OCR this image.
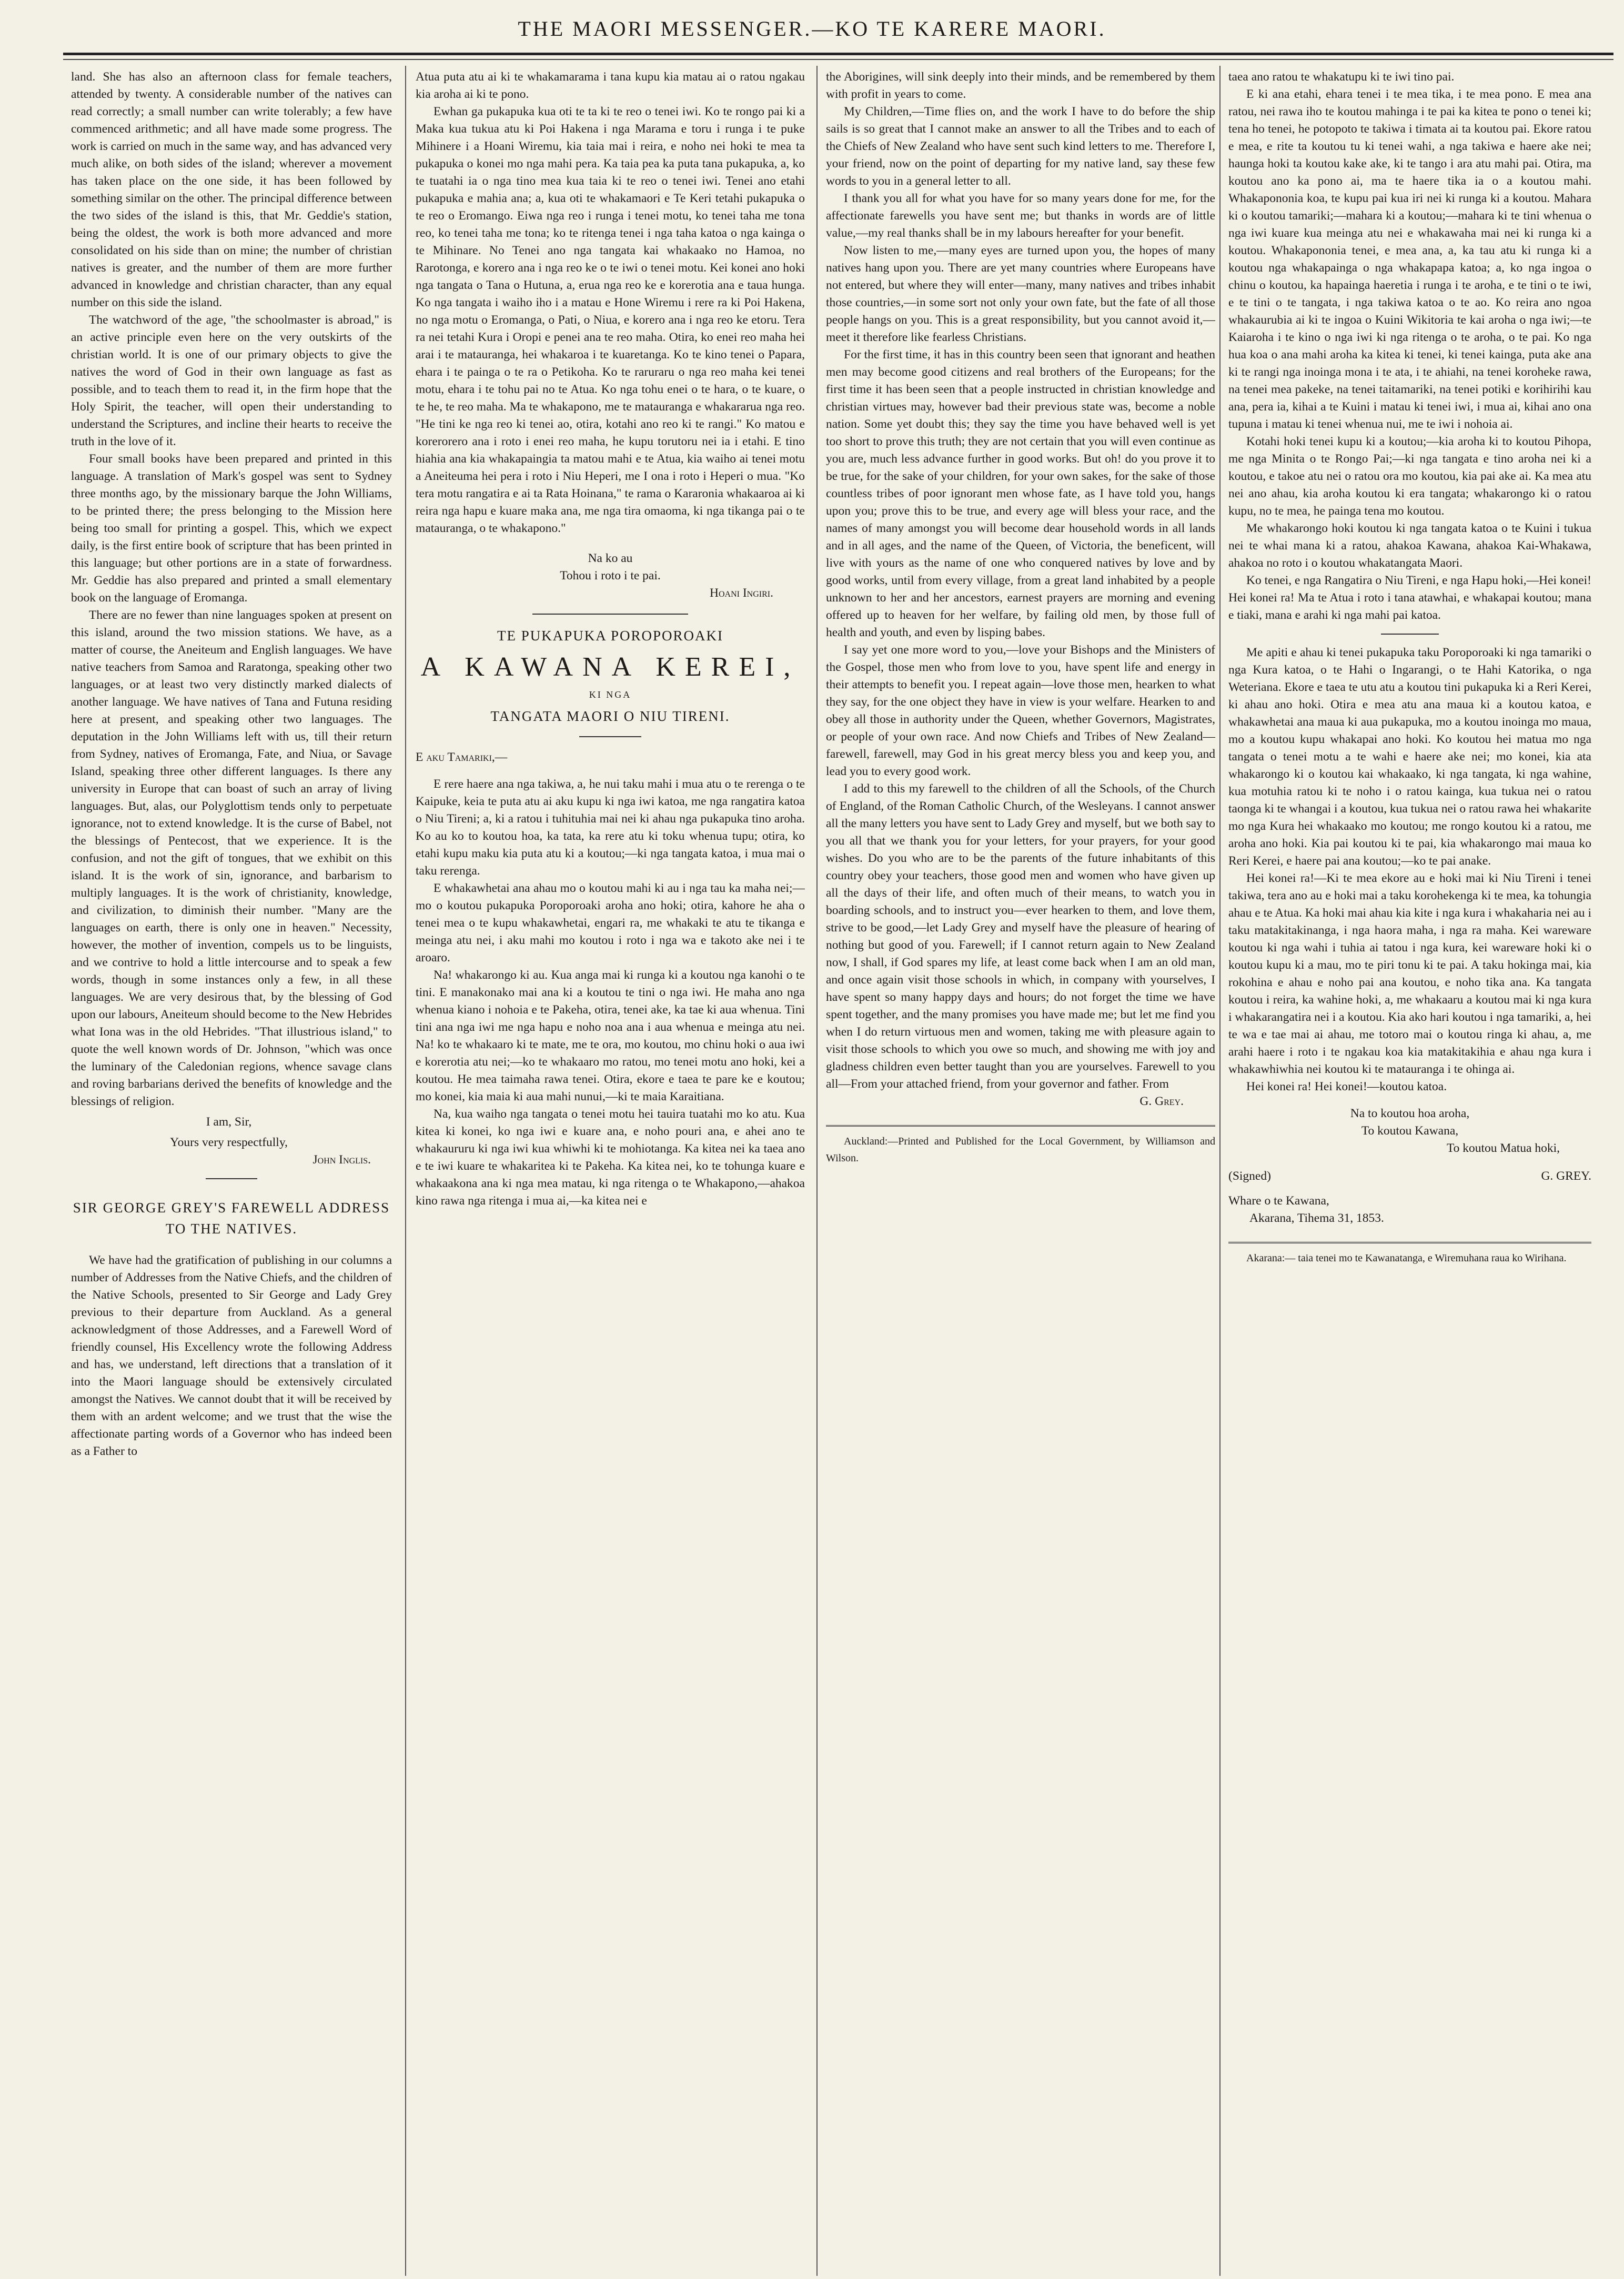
THE MAORI MESSENGER.—KO TE KARERE MAORI.

land. She has also an afternoon class for female teachers, attended by twenty. A considerable number of the natives can read correctly; a small number can write tolerably; a few have commenced arithmetic; and all have made some progress. The work is carried on much in the same way, and has advanced very much alike, on both sides of the island; wherever a movement has taken place on the one side, it has been followed by something similar on the other. The principal difference between the two sides of the island is this, that Mr. Geddie's station, being the oldest, the work is both more advanced and more consolidated on his side than on mine; the number of christian natives is greater, and the number of them are more further advanced in knowledge and christian character, than any equal number on this side the island.

The watchword of the age, "the schoolmaster is abroad," is an active principle even here on the very outskirts of the christian world. It is one of our primary objects to give the natives the word of God in their own language as fast as possible, and to teach them to read it, in the firm hope that the Holy Spirit, the teacher, will open their understanding to understand the Scriptures, and incline their hearts to receive the truth in the love of it.

Four small books have been prepared and printed in this language. A translation of Mark's gospel was sent to Sydney three months ago, by the missionary barque the John Williams, to be printed there; the press belonging to the Mission here being too small for printing a gospel. This, which we expect daily, is the first entire book of scripture that has been printed in this language; but other portions are in a state of forwardness. Mr. Geddie has also prepared and printed a small elementary book on the language of Eromanga.

There are no fewer than nine languages spoken at present on this island, around the two mission stations. We have, as a matter of course, the Aneiteum and English languages. We have native teachers from Samoa and Raratonga, speaking other two languages, or at least two very distinctly marked dialects of another language. We have natives of Tana and Futuna residing here at present, and speaking other two languages. The deputation in the John Williams left with us, till their return from Sydney, natives of Eromanga, Fate, and Niua, or Savage Island, speaking three other different languages. Is there any university in Europe that can boast of such an array of living languages. But, alas, our Polyglottism tends only to perpetuate ignorance, not to extend knowledge. It is the curse of Babel, not the blessings of Pentecost, that we experience. It is the confusion, and not the gift of tongues, that we exhibit on this island. It is the work of sin, ignorance, and barbarism to multiply languages. It is the work of christianity, knowledge, and civilization, to diminish their number. "Many are the languages on earth, there is only one in heaven." Necessity, however, the mother of invention, compels us to be linguists, and we contrive to hold a little intercourse and to speak a few words, though in some instances only a few, in all these languages. We are very desirous that, by the blessing of God upon our labours, Aneiteum should become to the New Hebrides what Iona was in the old Hebrides. "That illustrious island," to quote the well known words of Dr. Johnson, "which was once the luminary of the Caledonian regions, whence savage clans and roving barbarians derived the benefits of knowledge and the blessings of religion.

I am, Sir,
Yours very respectfully,
John Inglis.
SIR GEORGE GREY'S FAREWELL ADDRESS TO THE NATIVES.

We have had the gratification of publishing in our columns a number of Addresses from the Native Chiefs, and the children of the Native Schools, presented to Sir George and Lady Grey previous to their departure from Auckland. As a general acknowledgment of those Addresses, and a Farewell Word of friendly counsel, His Excellency wrote the following Address and has, we understand, left directions that a translation of it into the Maori language should be extensively circulated amongst the Natives. We cannot doubt that it will be received by them with an ardent welcome; and we trust that the wise the affectionate parting words of a Governor who has indeed been as a Father to

Atua puta atu ai ki te whakamarama i tana kupu kia matau ai o ratou ngakau kia aroha ai ki te pono.

Ewhan ga pukapuka kua oti te ta ki te reo o tenei iwi. Ko te rongo pai ki a Maka kua tukua atu ki Poi Hakena i nga Marama e toru i runga i te puke Mihinere i a Hoani Wiremu, kia taia mai i reira, e noho nei hoki te mea ta pukapuka o konei mo nga mahi pera. Ka taia pea ka puta tana pukapuka, a, ko te tuatahi ia o nga tino mea kua taia ki te reo o tenei iwi. Tenei ano etahi pukapuka e mahia ana; a, kua oti te whakamaori e Te Keri tetahi pukapuka o te reo o Eromango. Eiwa nga reo i runga i tenei motu, ko tenei taha me tona reo, ko tenei taha me tona; ko te ritenga tenei i nga taha katoa o nga kainga o te Mihinare. No Tenei ano nga tangata kai whakaako no Hamoa, no Rarotonga, e korero ana i nga reo ke o te iwi o tenei motu. Kei konei ano hoki nga tangata o Tana o Hutuna, a, erua nga reo ke e korerotia ana e taua hunga. Ko nga tangata i waiho iho i a matau e Hone Wiremu i rere ra ki Poi Hakena, no nga motu o Eromanga, o Pati, o Niua, e korero ana i nga reo ke etoru. Tera ra nei tetahi Kura i Oropi e penei ana te reo maha. Otira, ko enei reo maha hei arai i te matauranga, hei whakaroa i te kuaretanga. Ko te kino tenei o Papara, ehara i te painga o te ra o Petikoha. Ko te raruraru o nga reo maha kei tenei motu, ehara i te tohu pai no te Atua. Ko nga tohu enei o te hara, o te kuare, o te he, te reo maha. Ma te whakapono, me te matauranga e whakararua nga reo. "He tini ke nga reo ki tenei ao, otira, kotahi ano reo ki te rangi." Ko matou e korerorero ana i roto i enei reo maha, he kupu torutoru nei ia i etahi. E tino hiahia ana kia whakapaingia ta matou mahi e te Atua, kia waiho ai tenei motu a Aneiteuma hei pera i roto i Niu Heperi, me I ona i roto i Heperi o mua. "Ko tera motu rangatira e ai ta Rata Hoinana," te rama o Kararonia whakaaroa ai ki reira nga hapu e kuare maka ana, me nga tira omaoma, ki nga tikanga pai o te matauranga, o te whakapono."

Na ko au
Tohou i roto i te pai.
Hoani Ingiri.
TE PUKAPUKA POROPOROAKI
A KAWANA KEREI,
KI NGA
TANGATA MAORI O NIU TIRENI.
E aku Tamariki,—

E rere haere ana nga takiwa, a, he nui taku mahi i mua atu o te rerenga o te Kaipuke, keia te puta atu ai aku kupu ki nga iwi katoa, me nga rangatira katoa o Niu Tireni; a, ki a ratou i tuhituhia mai nei ki ahau nga pukapuka tino aroha. Ko au ko to koutou hoa, ka tata, ka rere atu ki toku whenua tupu; otira, ko etahi kupu maku kia puta atu ki a koutou;—ki nga tangata katoa, i mua mai o taku rerenga.

E whakawhetai ana ahau mo o koutou mahi ki au i nga tau ka maha nei;—mo o koutou pukapuka Poroporoaki aroha ano hoki; otira, kahore he aha o tenei mea o te kupu whakawhetai, engari ra, me whakaki te atu te tikanga e meinga atu nei, i aku mahi mo koutou i roto i nga wa e takoto ake nei i te aroaro.

Na! whakarongo ki au. Kua anga mai ki runga ki a koutou nga kanohi o te tini. E manakonako mai ana ki a koutou te tini o nga iwi. He maha ano nga whenua kiano i nohoia e te Pakeha, otira, tenei ake, ka tae ki aua whenua. Tini tini ana nga iwi me nga hapu e noho noa ana i aua whenua e meinga atu nei. Na! ko te whakaaro ki te mate, me te ora, mo koutou, mo chinu hoki o aua iwi e korerotia atu nei;—ko te whakaaro mo ratou, mo tenei motu ano hoki, kei a koutou. He mea taimaha rawa tenei. Otira, ekore e taea te pare ke e koutou; mo konei, kia maia ki aua mahi nunui,—ki te maia Karaitiana.

Na, kua waiho nga tangata o tenei motu hei tauira tuatahi mo ko atu. Kua kitea ki konei, ko nga iwi e kuare ana, e noho pouri ana, e ahei ano te whakaururu ki nga iwi kua whiwhi ki te mohiotanga. Ka kitea nei ka taea ano e te iwi kuare te whakaritea ki te Pakeha. Ka kitea nei, ko te tohunga kuare e whakaakona ana ki nga mea matau, ki nga ritenga o te Whakapono,—ahakoa kino rawa nga ritenga i mua ai,—ka kitea nei e

the Aborigines, will sink deeply into their minds, and be remembered by them with profit in years to come.

My Children,—Time flies on, and the work I have to do before the ship sails is so great that I cannot make an answer to all the Tribes and to each of the Chiefs of New Zealand who have sent such kind letters to me. Therefore I, your friend, now on the point of departing for my native land, say these few words to you in a general letter to all.

I thank you all for what you have for so many years done for me, for the affectionate farewells you have sent me; but thanks in words are of little value,—my real thanks shall be in my labours hereafter for your benefit.

Now listen to me,—many eyes are turned upon you, the hopes of many natives hang upon you. There are yet many countries where Europeans have not entered, but where they will enter—many, many natives and tribes inhabit those countries,—in some sort not only your own fate, but the fate of all those people hangs on you. This is a great responsibility, but you cannot avoid it,—meet it therefore like fearless Christians.

For the first time, it has in this country been seen that ignorant and heathen men may become good citizens and real brothers of the Europeans; for the first time it has been seen that a people instructed in christian knowledge and christian virtues may, however bad their previous state was, become a noble nation. Some yet doubt this; they say the time you have behaved well is yet too short to prove this truth; they are not certain that you will even continue as you are, much less advance further in good works. But oh! do you prove it to be true, for the sake of your children, for your own sakes, for the sake of those countless tribes of poor ignorant men whose fate, as I have told you, hangs upon you; prove this to be true, and every age will bless your race, and the names of many amongst you will become dear household words in all lands and in all ages, and the name of the Queen, of Victoria, the beneficent, will live with yours as the name of one who conquered natives by love and by good works, until from every village, from a great land inhabited by a people unknown to her and her ancestors, earnest prayers are morning and evening offered up to heaven for her welfare, by failing old men, by those full of health and youth, and even by lisping babes.

I say yet one more word to you,—love your Bishops and the Ministers of the Gospel, those men who from love to you, have spent life and energy in their attempts to benefit you. I repeat again—love those men, hearken to what they say, for the one object they have in view is your welfare. Hearken to and obey all those in authority under the Queen, whether Governors, Magistrates, or people of your own race. And now Chiefs and Tribes of New Zealand—farewell, farewell, may God in his great mercy bless you and keep you, and lead you to every good work.

I add to this my farewell to the children of all the Schools, of the Church of England, of the Roman Catholic Church, of the Wesleyans. I cannot answer all the many letters you have sent to Lady Grey and myself, but we both say to you all that we thank you for your letters, for your prayers, for your good wishes. Do you who are to be the parents of the future inhabitants of this country obey your teachers, those good men and women who have given up all the days of their life, and often much of their means, to watch you in boarding schools, and to instruct you—ever hearken to them, and love them, strive to be good,—let Lady Grey and myself have the pleasure of hearing of nothing but good of you. Farewell; if I cannot return again to New Zealand now, I shall, if God spares my life, at least come back when I am an old man, and once again visit those schools in which, in company with yourselves, I have spent so many happy days and hours; do not forget the time we have spent together, and the many promises you have made me; but let me find you when I do return virtuous men and women, taking me with pleasure again to visit those schools to which you owe so much, and showing me with joy and gladness children even better taught than you are yourselves. Farewell to you all—From your attached friend, from your governor and father. From

G. Grey.

Auckland:—Printed and Published for the Local Government, by Williamson and Wilson.

taea ano ratou te whakatupu ki te iwi tino pai.

E ki ana etahi, ehara tenei i te mea tika, i te mea pono. E mea ana ratou, nei rawa iho te koutou mahinga i te pai ka kitea te pono o tenei ki; tena ho tenei, he potopoto te takiwa i timata ai ta koutou pai. Ekore ratou e mea, e rite ta koutou tu ki tenei wahi, a nga takiwa e haere ake nei; haunga hoki ta koutou kake ake, ki te tango i ara atu mahi pai. Otira, ma koutou ano ka pono ai, ma te haere tika ia o a koutou mahi. Whakapononia koa, te kupu pai kua iri nei ki runga ki a koutou. Mahara ki o koutou tamariki;—mahara ki a koutou;—mahara ki te tini whenua o nga iwi kuare kua meinga atu nei e whakawaha mai nei ki runga ki a koutou. Whakapononia tenei, e mea ana, a, ka tau atu ki runga ki a koutou nga whakapainga o nga whakapapa katoa; a, ko nga ingoa o chinu o koutou, ka hapainga haeretia i runga i te aroha, e te tini o te iwi, e te tini o te tangata, i nga takiwa katoa o te ao. Ko reira ano ngoa whakaurubia ai ki te ingoa o Kuini Wikitoria te kai aroha o nga iwi;—te Kaiaroha i te kino o nga iwi ki nga ritenga o te aroha, o te pai. Ko nga hua koa o ana mahi aroha ka kitea ki tenei, ki tenei kainga, puta ake ana ki te rangi nga inoinga mona i te ata, i te ahiahi, na tenei koroheke rawa, na tenei mea pakeke, na tenei taitamariki, na tenei potiki e korihirihi kau ana, pera ia, kihai a te Kuini i matau ki tenei iwi, i mua ai, kihai ano ona tupuna i matau ki tenei whenua nui, me te iwi i nohoia ai.

Kotahi hoki tenei kupu ki a koutou;—kia aroha ki to koutou Pihopa, me nga Minita o te Rongo Pai;—ki nga tangata e tino aroha nei ki a koutou, e takoe atu nei o ratou ora mo koutou, kia pai ake ai. Ka mea atu nei ano ahau, kia aroha koutou ki era tangata; whakarongo ki o ratou kupu, no te mea, he painga tena mo koutou.

Me whakarongo hoki koutou ki nga tangata katoa o te Kuini i tukua nei te whai mana ki a ratou, ahakoa Kawana, ahakoa Kai-Whakawa, ahakoa no roto i o koutou whakatangata Maori.

Ko tenei, e nga Rangatira o Niu Tireni, e nga Hapu hoki,—Hei konei! Hei konei ra! Ma te Atua i roto i tana atawhai, e whakapai koutou; mana e tiaki, mana e arahi ki nga mahi pai katoa.

Me apiti e ahau ki tenei pukapuka taku Poroporoaki ki nga tamariki o nga Kura katoa, o te Hahi o Ingarangi, o te Hahi Katorika, o nga Weteriana. Ekore e taea te utu atu a koutou tini pukapuka ki a Reri Kerei, ki ahau ano hoki. Otira e mea atu ana maua ki a koutou katoa, e whakawhetai ana maua ki aua pukapuka, mo a koutou inoinga mo maua, mo a koutou kupu whakapai ano hoki. Ko koutou hei matua mo nga tangata o tenei motu a te wahi e haere ake nei; mo konei, kia ata whakarongo ki o koutou kai whakaako, ki nga tangata, ki nga wahine, kua motuhia ratou ki te noho i o ratou kainga, kua tukua nei o ratou taonga ki te whangai i a koutou, kua tukua nei o ratou rawa hei whakarite mo nga Kura hei whakaako mo koutou; me rongo koutou ki a ratou, me aroha ano hoki. Kia pai koutou ki te pai, kia whakarongo mai maua ko Reri Kerei, e haere pai ana koutou;—ko te pai anake.

Hei konei ra!—Ki te mea ekore au e hoki mai ki Niu Tireni i tenei takiwa, tera ano au e hoki mai a taku korohekenga ki te mea, ka tohungia ahau e te Atua. Ka hoki mai ahau kia kite i nga kura i whakaharia nei au i taku matakitakinanga, i nga haora maha, i nga ra maha. Kei wareware koutou ki nga wahi i tuhia ai tatou i nga kura, kei wareware hoki ki o koutou kupu ki a mau, mo te piri tonu ki te pai. A taku hokinga mai, kia rokohina e ahau e noho pai ana koutou, e noho tika ana. Ka tangata koutou i reira, ka wahine hoki, a, me whakaaru a koutou mai ki nga kura i whakarangatira nei i a koutou. Kia ako hari koutou i nga tamariki, a, hei te wa e tae mai ai ahau, me totoro mai o koutou ringa ki ahau, a, me arahi haere i roto i te ngakau koa kia matakitakihia e ahau nga kura i whakawhiwhia nei koutou ki te matauranga i te ohinga ai.

Hei konei ra! Hei konei!—koutou katoa.

Na to koutou hoa aroha,
To koutou Kawana,
To koutou Matua hoki,
(Signed)	G. GREY.
Whare o te Kawana,
Akarana, Tihema 31, 1853.

Akarana:— taia tenei mo te Kawanatanga, e Wiremuhana raua ko Wirihana.
